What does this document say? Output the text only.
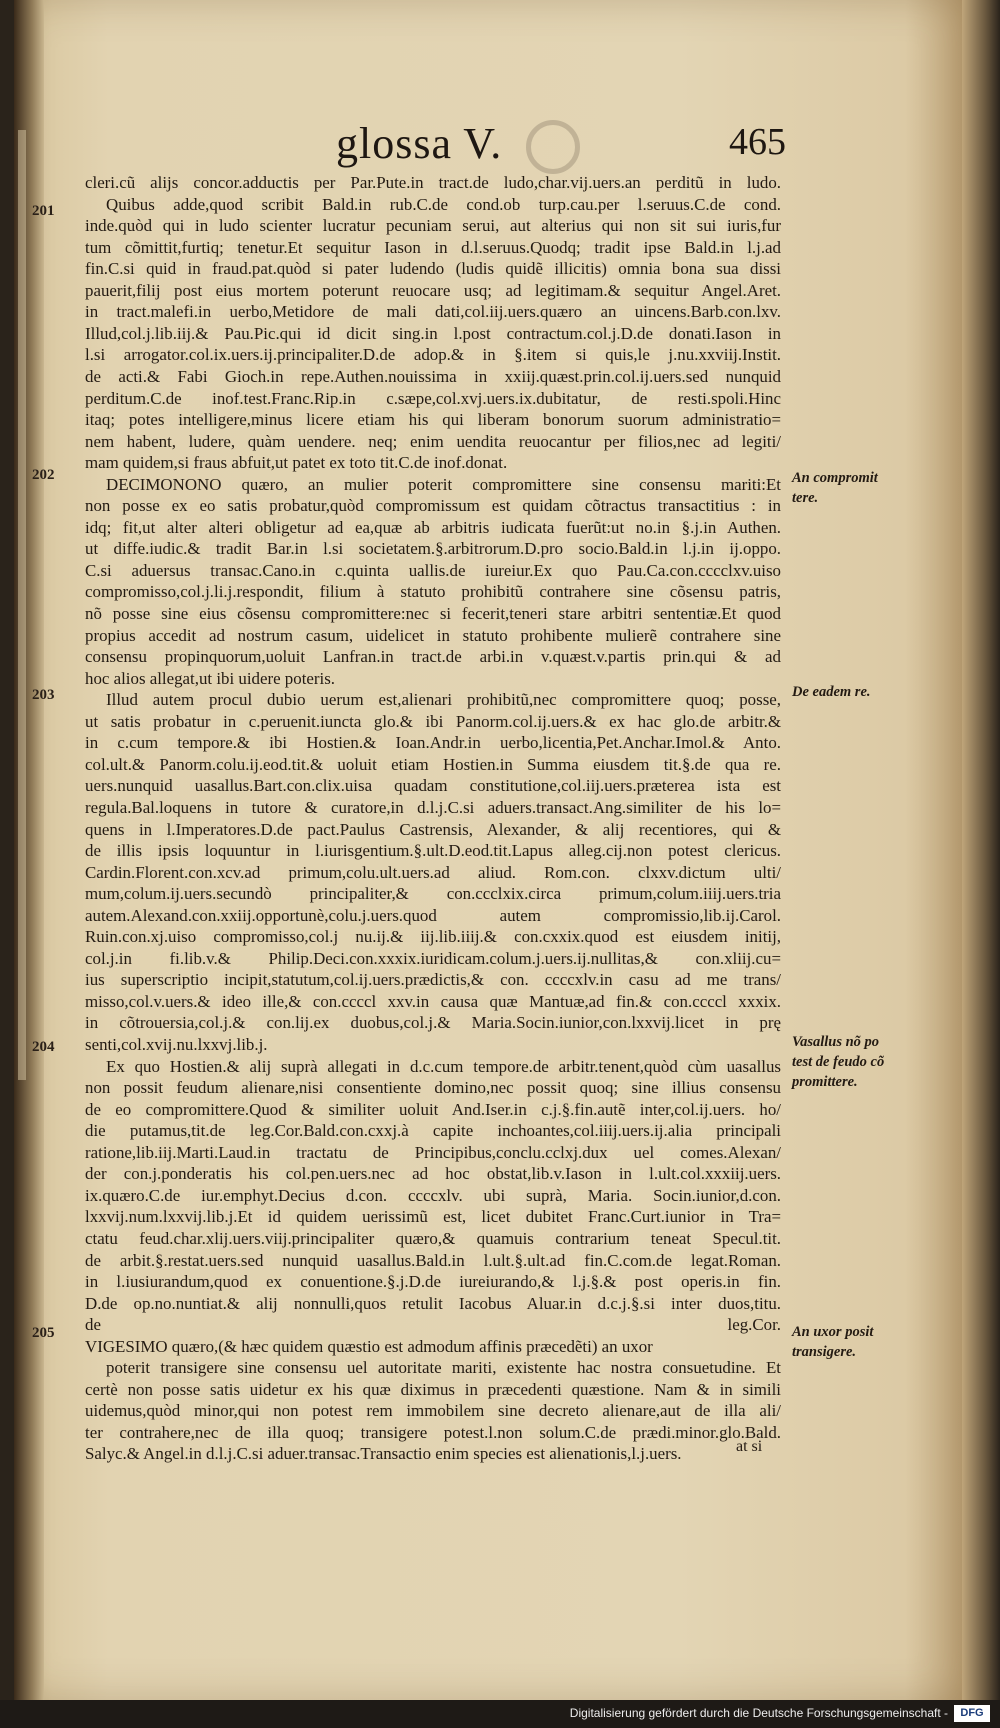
glossa V.	465
cleri.cũ alijs concor.adductis per Par.Pute.in tract.de ludo,char.vij.uers.an perditũ in ludo.
Quibus adde,quod scribit Bald.in rub.C.de cond.ob turp.cau.per l.seruus.C.de cond.
inde.quòd qui in ludo scienter lucratur pecuniam serui, aut alterius qui non sit sui iuris,fur
tum cõmittit,furtiq; tenetur.Et sequitur Iason in d.l.seruus.Quodq; tradit ipse Bald.in l.j.ad
fin.C.si quid in fraud.pat.quòd si pater ludendo (ludis quidẽ illicitis) omnia bona sua dissi
pauerit,filij post eius mortem poterunt reuocare usq; ad legitimam.& sequitur Angel.Aret.
in tract.malefi.in uerbo,Metidore de mali dati,col.iij.uers.quæro an uincens.Barb.con.lxv.
Illud,col.j.lib.iij.& Pau.Pic.qui id dicit sing.in l.post contractum.col.j.D.de donati.Iason in
l.si arrogator.col.ix.uers.ij.principaliter.D.de adop.& in §.item si quis,le j.nu.xxviij.Instit.
de acti.& Fabi Gioch.in repe.Authen.nouissima in xxiij.quæst.prin.col.ij.uers.sed nunquid
perditum.C.de inof.test.Franc.Rip.in c.sæpe,col.xvj.uers.ix.dubitatur, de resti.spoli.Hinc
itaq; potes intelligere,minus licere etiam his qui liberam bonorum suorum administratio=
nem habent, ludere, quàm uendere. neq; enim uendita reuocantur per filios,nec ad legiti/
mam quidem,si fraus abfuit,ut patet ex toto tit.C.de inof.donat.
DECIMONONO quæro, an mulier poterit compromittere sine consensu mariti:Et
non posse ex eo satis probatur,quòd compromissum est quidam cõtractus transactitius : in
idq; fit,ut alter alteri obligetur ad ea,quæ ab arbitris iudicata fuerũt:ut no.in §.j.in Authen.
ut diffe.iudic.& tradit Bar.in l.si societatem.§.arbitrorum.D.pro socio.Bald.in l.j.in ij.oppo.
C.si aduersus transac.Cano.in c.quinta uallis.de iureiur.Ex quo Pau.Ca.con.cccclxv.uiso
compromisso,col.j.li.j.respondit, filium à statuto prohibitũ contrahere sine cõsensu patris,
nõ posse sine eius cõsensu compromittere:nec si fecerit,teneri stare arbitri sententiæ.Et quod
propius accedit ad nostrum casum, uidelicet in statuto prohibente mulierẽ contrahere sine
consensu propinquorum,uoluit Lanfran.in tract.de arbi.in v.quæst.v.partis prin.qui & ad
hoc alios allegat,ut ibi uidere poteris.
Illud autem procul dubio uerum est,alienari prohibitũ,nec compromittere quoq; posse,
ut satis probatur in c.peruenit.iuncta glo.& ibi Panorm.col.ij.uers.& ex hac glo.de arbitr.&
in c.cum tempore.& ibi Hostien.& Ioan.Andr.in uerbo,licentia,Pet.Anchar.Imol.& Anto.
col.ult.& Panorm.colu.ij.eod.tit.& uoluit etiam Hostien.in Summa eiusdem tit.§.de qua re.
uers.nunquid uasallus.Bart.con.clix.uisa quadam constitutione,col.iij.uers.præterea ista est
regula.Bal.loquens in tutore & curatore,in d.l.j.C.si aduers.transact.Ang.similiter de his lo=
quens in l.Imperatores.D.de pact.Paulus Castrensis, Alexander, & alij recentiores, qui &
de illis ipsis loquuntur in l.iurisgentium.§.ult.D.eod.tit.Lapus alleg.cij.non potest clericus.
Cardin.Florent.con.xcv.ad primum,colu.ult.uers.ad aliud. Rom.con. clxxv.dictum ulti/
mum,colum.ij.uers.secundò principaliter,& con.ccclxix.circa primum,colum.iiij.uers.tria
autem.Alexand.con.xxiij.opportunè,colu.j.uers.quod autem compromissio,lib.ij.Carol.
Ruin.con.xj.uiso compromisso,col.j nu.ij.& iij.lib.iiij.& con.cxxix.quod est eiusdem initij,
col.j.in fi.lib.v.& Philip.Deci.con.xxxix.iuridicam.colum.j.uers.ij.nullitas,& con.xliij.cu=
ius superscriptio incipit,statutum,col.ij.uers.prædictis,& con. ccccxlv.in casu ad me trans/
misso,col.v.uers.& ideo ille,& con.ccccl xxv.in causa quæ Mantuæ,ad fin.& con.ccccl xxxix.
in cõtrouersia,col.j.& con.lij.ex duobus,col.j.& Maria.Socin.iunior,con.lxxvij.licet in prę
senti,col.xvij.nu.lxxvj.lib.j.
Ex quo Hostien.& alij suprà allegati in d.c.cum tempore.de arbitr.tenent,quòd cùm uasallus
non possit feudum alienare,nisi consentiente domino,nec possit quoq; sine illius consensu
de eo compromittere.Quod & similiter uoluit And.Iser.in c.j.§.fin.autẽ inter,col.ij.uers. ho/
die putamus,tit.de leg.Cor.Bald.con.cxxj.à capite inchoantes,col.iiij.uers.ij.alia principali
ratione,lib.iij.Marti.Laud.in tractatu de Principibus,conclu.cclxj.dux uel comes.Alexan/
der con.j.ponderatis his col.pen.uers.nec ad hoc obstat,lib.v.Iason in l.ult.col.xxxiij.uers.
ix.quæro.C.de iur.emphyt.Decius d.con. ccccxlv. ubi suprà, Maria. Socin.iunior,d.con.
lxxvij.num.lxxvij.lib.j.Et id quidem uerissimũ est, licet dubitet Franc.Curt.iunior in Tra=
ctatu feud.char.xlij.uers.viij.principaliter quæro,& quamuis contrarium teneat Specul.tit.
de arbit.§.restat.uers.sed nunquid uasallus.Bald.in l.ult.§.ult.ad fin.C.com.de legat.Roman.
in l.iusiurandum,quod ex conuentione.§.j.D.de iureiurando,& l.j.§.& post operis.in fin.
D.de op.no.nuntiat.& alij nonnulli,quos retulit Iacobus Aluar.in d.c.j.§.si inter duos,titu.
de leg.Cor.
VIGESIMO quæro,(& hæc quidem quæstio est admodum affinis præcedẽti) an uxor
poterit transigere sine consensu uel autoritate mariti, existente hac nostra consuetudine. Et
certè non posse satis uidetur ex his quæ diximus in præcedenti quæstione. Nam & in simili
uidemus,quòd minor,qui non potest rem immobilem sine decreto alienare,aut de illa ali/
ter contrahere,nec de illa quoq; transigere potest.l.non solum.C.de prædi.minor.glo.Bald.
Salyc.& Angel.in d.l.j.C.si aduer.transac.Transactio enim species est alienationis,l.j.uers.
201
202
203
204
205
An compromit
tere.
De eadem re.
Vasallus nõ po
test de feudo cõ
promittere.
An uxor posit
transigere.
at si
Digitalisierung gefördert durch die Deutsche Forschungsgemeinschaft -	DFG
